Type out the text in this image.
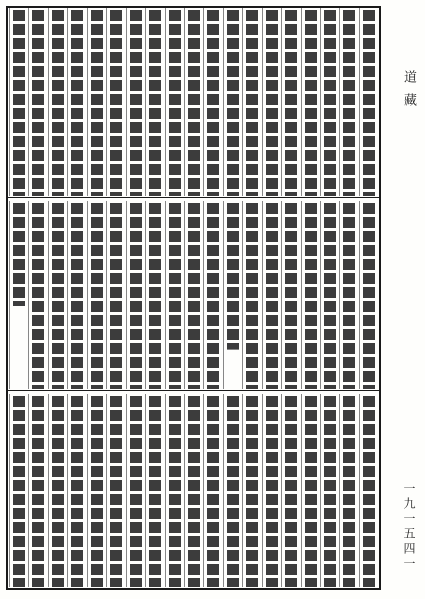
道藏
一九一五四一
